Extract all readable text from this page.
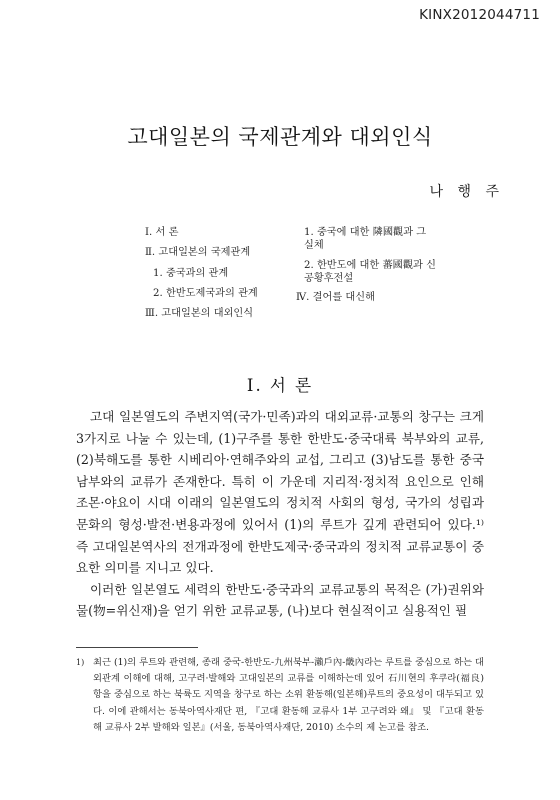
KINX2012044711
고대일본의 국제관계와 대외인식
나 행 주
Ⅰ. 서 론
Ⅱ. 고대일본의 국제관계
1. 중국과의 관계
2. 한반도제국과의 관계
Ⅲ. 고대일본의 대외인식
1. 중국에 대한 隣國觀과 그 실체
2. 한반도에 대한 蕃國觀과 신공황후전설
Ⅳ. 결어를 대신해
Ⅰ. 서 론

고대 일본열도의 주변지역(국가·민족)과의 대외교류·교통의 창구는 크게 3가지로 나눌 수 있는데, (1)구주를 통한 한반도·중국대륙 북부와의 교류, (2)북해도를 통한 시베리아·연해주와의 교섭, 그리고 (3)남도를 통한 중국남부와의 교류가 존재한다. 특히 이 가운데 지리적·정치적 요인으로 인해 조몬·야요이 시대 이래의 일본열도의 정치적 사회의 형성, 국가의 성립과 문화의 형성·발전·변용과정에 있어서 (1)의 루트가 깊게 관련되어 있다.¹⁾ 즉 고대일본역사의 전개과정에 한반도제국·중국과의 정치적 교류교통이 중요한 의미를 지니고 있다.

이러한 일본열도 세력의 한반도·중국과의 교류교통의 목적은 (가)권위와 물(物=위신재)을 얻기 위한 교류교통, (나)보다 현실적이고 실용적인 필

1) 최근 (1)의 루트와 관련해, 종래 중국-한반도-九州북부-瀨戶內-畿內라는 루트를 중심으로 하는 대외관계 이해에 대해, 고구려·발해와 고대일본의 교류를 이해하는데 있어 石川현의 후쿠라(福良)항을 중심으로 하는 북륙도 지역을 창구로 하는 소위 환동해(일본해)루트의 중요성이 대두되고 있다. 이에 관해서는 동북아역사재단 편, 『고대 환동해 교류사 1부 고구려와 왜』 및 『고대 환동해 교류사 2부 발해와 일본』(서울, 동북아역사재단, 2010) 소수의 제 논고를 참조.
